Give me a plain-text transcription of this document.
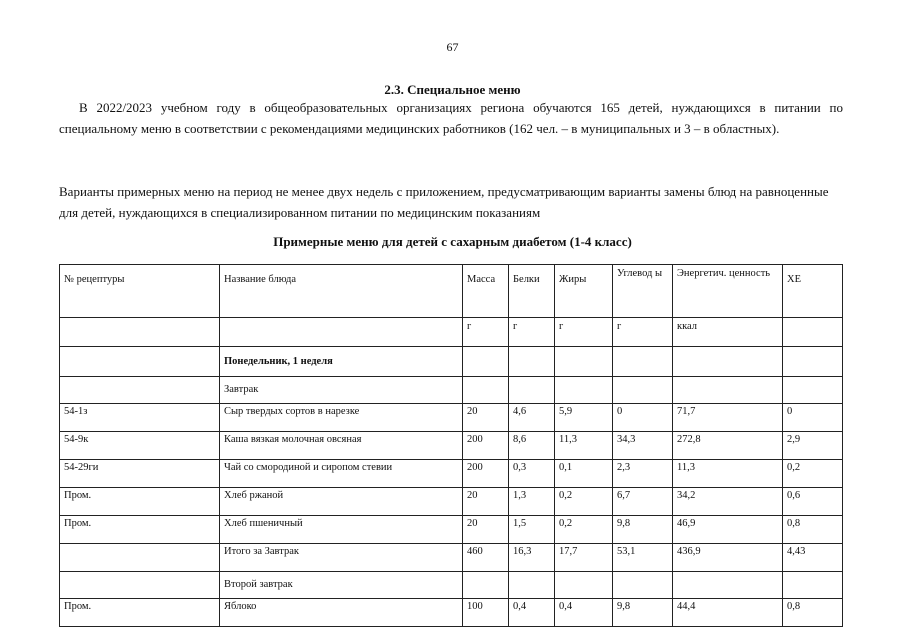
67
2.3. Специальное меню

В 2022/2023 учебном году в общеобразовательных организациях региона обучаются 165 детей, нуждающихся в питании по специальному меню в соответствии с рекомендациями медицинских работников (162 чел. – в муниципальных и 3 – в областных).

Варианты примерных меню на период не менее двух недель с приложением, предусматривающим варианты замены блюд на равноценные для детей, нуждающихся в специализированном питании по медицинским показаниям

Примерные меню для детей с сахарным диабетом (1-4 класс)
№ рецептуры	Название блюда	Масса	Белки	Жиры	Углевод ы	Энергетич. ценность	ХЕ
		г	г	г	г	ккал	
	Понедельник, 1 неделя						
	Завтрак						
54-1з	Сыр твердых сортов в нарезке	20	4,6	5,9	0	71,7	0
54-9к	Каша вязкая молочная овсяная	200	8,6	11,3	34,3	272,8	2,9
54-29ги	Чай со смородиной и сиропом стевии	200	0,3	0,1	2,3	11,3	0,2
Пром.	Хлеб ржаной	20	1,3	0,2	6,7	34,2	0,6
Пром.	Хлеб пшеничный	20	1,5	0,2	9,8	46,9	0,8
	Итого за Завтрак	460	16,3	17,7	53,1	436,9	4,43
	Второй завтрак						
Пром.	Яблоко	100	0,4	0,4	9,8	44,4	0,8
